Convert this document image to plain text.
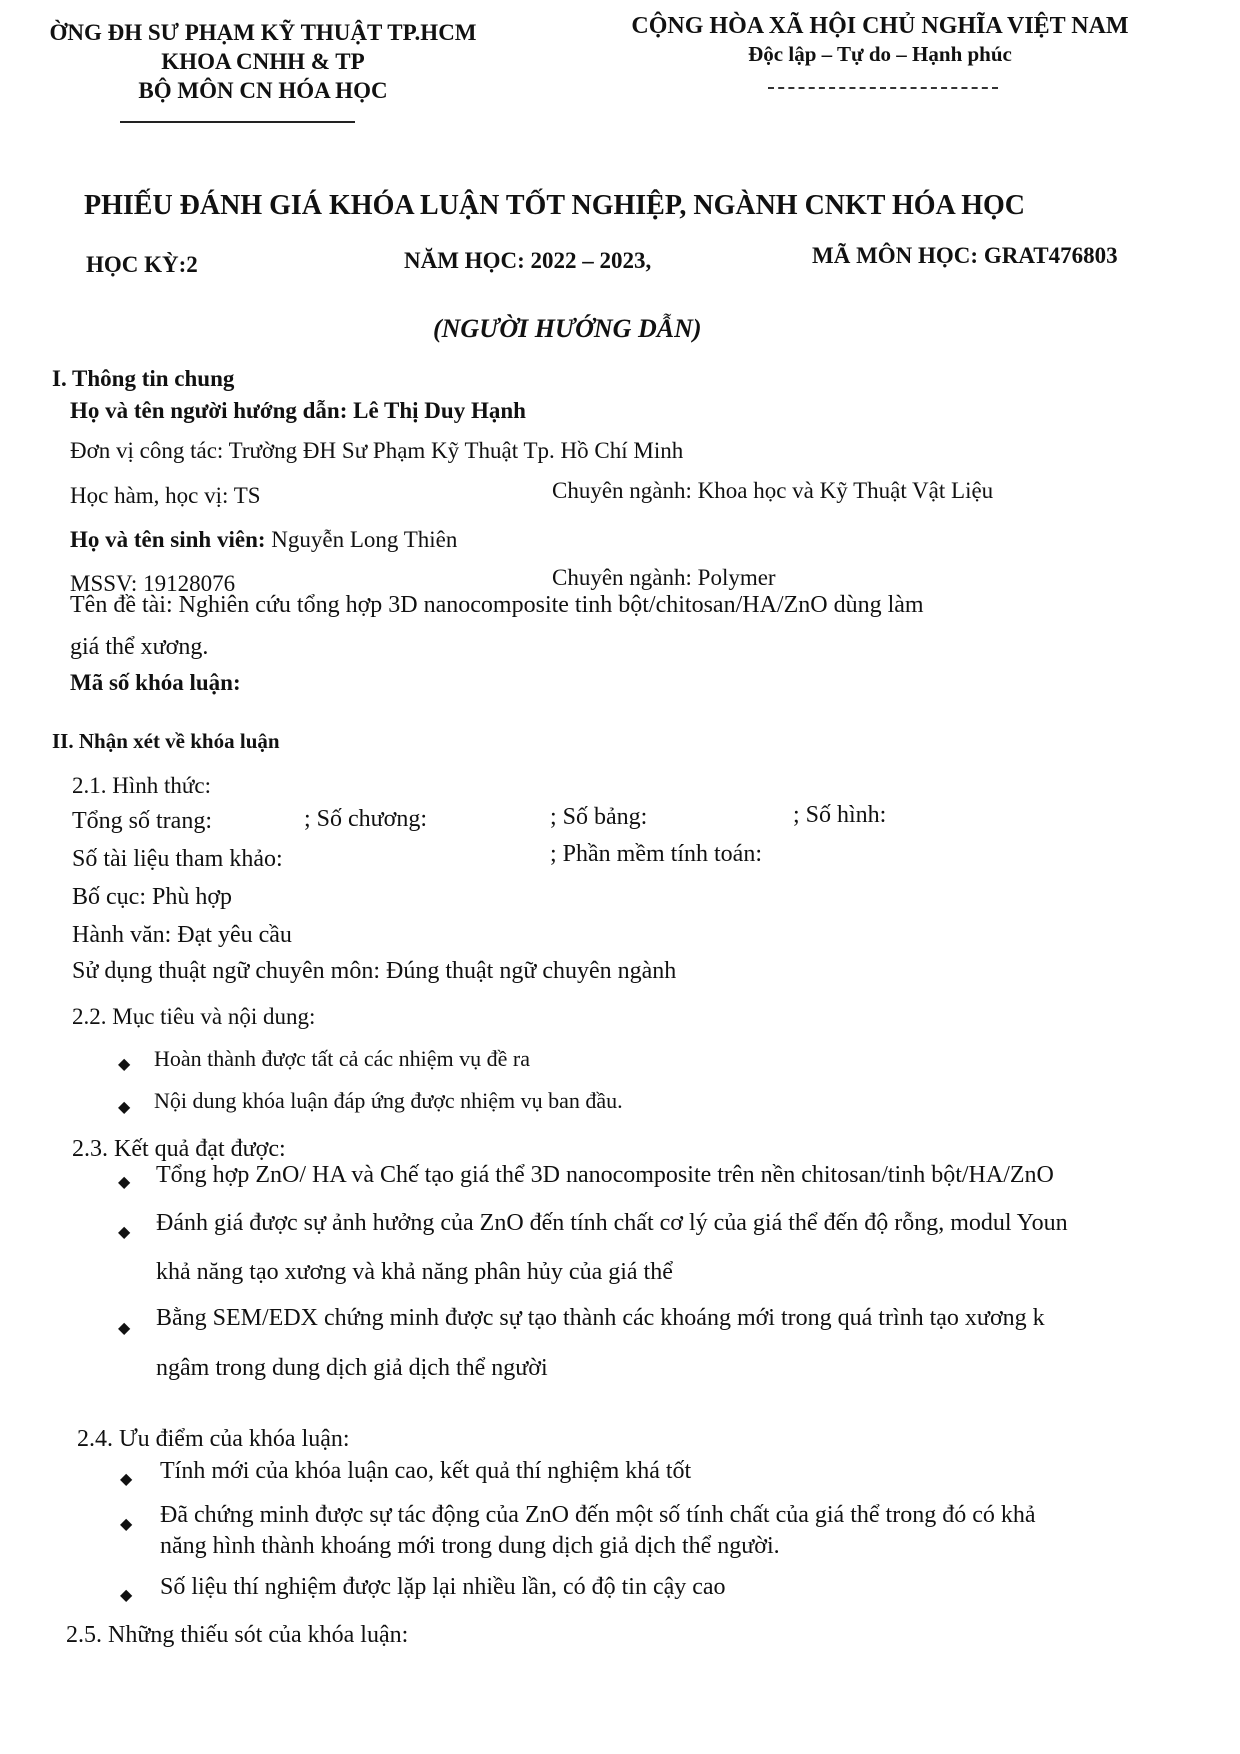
ỜNG ĐH SƯ PHẠM KỸ THUẬT TP.HCM
KHOA CNHH & TP
BỘ MÔN CN HÓA HỌC
CỘNG HÒA XÃ HỘI CHỦ NGHĨA VIỆT NAM
Độc lập – Tự do – Hạnh phúc
PHIẾU ĐÁNH GIÁ KHÓA LUẬN TỐT NGHIỆP, NGÀNH CNKT HÓA HỌC
HỌC KỲ:2	NĂM HỌC: 2022 – 2023,	MÃ MÔN HỌC: GRAT476803
(NGƯỜI HƯỚNG DẪN)
I. Thông tin chung
Họ và tên người hướng dẫn: Lê Thị Duy Hạnh
Đơn vị công tác: Trường ĐH Sư Phạm Kỹ Thuật Tp. Hồ Chí Minh
Học hàm, học vị: TS	Chuyên ngành: Khoa học và Kỹ Thuật Vật Liệu
Họ và tên sinh viên: Nguyễn Long Thiên
MSSV: 19128076	Chuyên ngành: Polymer
Tên đề tài: Nghiên cứu tổng hợp 3D nanocomposite tinh bột/chitosan/HA/ZnO dùng làm
giá thể xương.
Mã số khóa luận:
II. Nhận xét về khóa luận
2.1. Hình thức:
Tổng số trang:	; Số chương:	; Số bảng:	; Số hình:
Số tài liệu tham khảo:	; Phần mềm tính toán:
Bố cục: Phù hợp
Hành văn: Đạt yêu cầu
Sử dụng thuật ngữ chuyên môn: Đúng thuật ngữ chuyên ngành
2.2. Mục tiêu và nội dung:
◆ Hoàn thành được tất cả các nhiệm vụ đề ra
◆ Nội dung khóa luận đáp ứng được nhiệm vụ ban đầu.
2.3. Kết quả đạt được:
◆ Tổng hợp ZnO/ HA và Chế tạo giá thể 3D nanocomposite trên nền chitosan/tinh bột/HA/ZnO
◆ Đánh giá được sự ảnh hưởng của ZnO đến tính chất cơ lý của giá thể đến độ rỗng, modul Youn
khả năng tạo xương và khả năng phân hủy của giá thể
◆ Bằng SEM/EDX chứng minh được sự tạo thành các khoáng mới trong quá trình tạo xương k
ngâm trong dung dịch giả dịch thể người
2.4. Ưu điểm của khóa luận:
◆ Tính mới của khóa luận cao, kết quả thí nghiệm khá tốt
◆ Đã chứng minh được sự tác động của ZnO đến một số tính chất của giá thể trong đó có khả
năng hình thành khoáng mới trong dung dịch giả dịch thể người.
◆ Số liệu thí nghiệm được lặp lại nhiều lần, có độ tin cậy cao
2.5. Những thiếu sót của khóa luận:
